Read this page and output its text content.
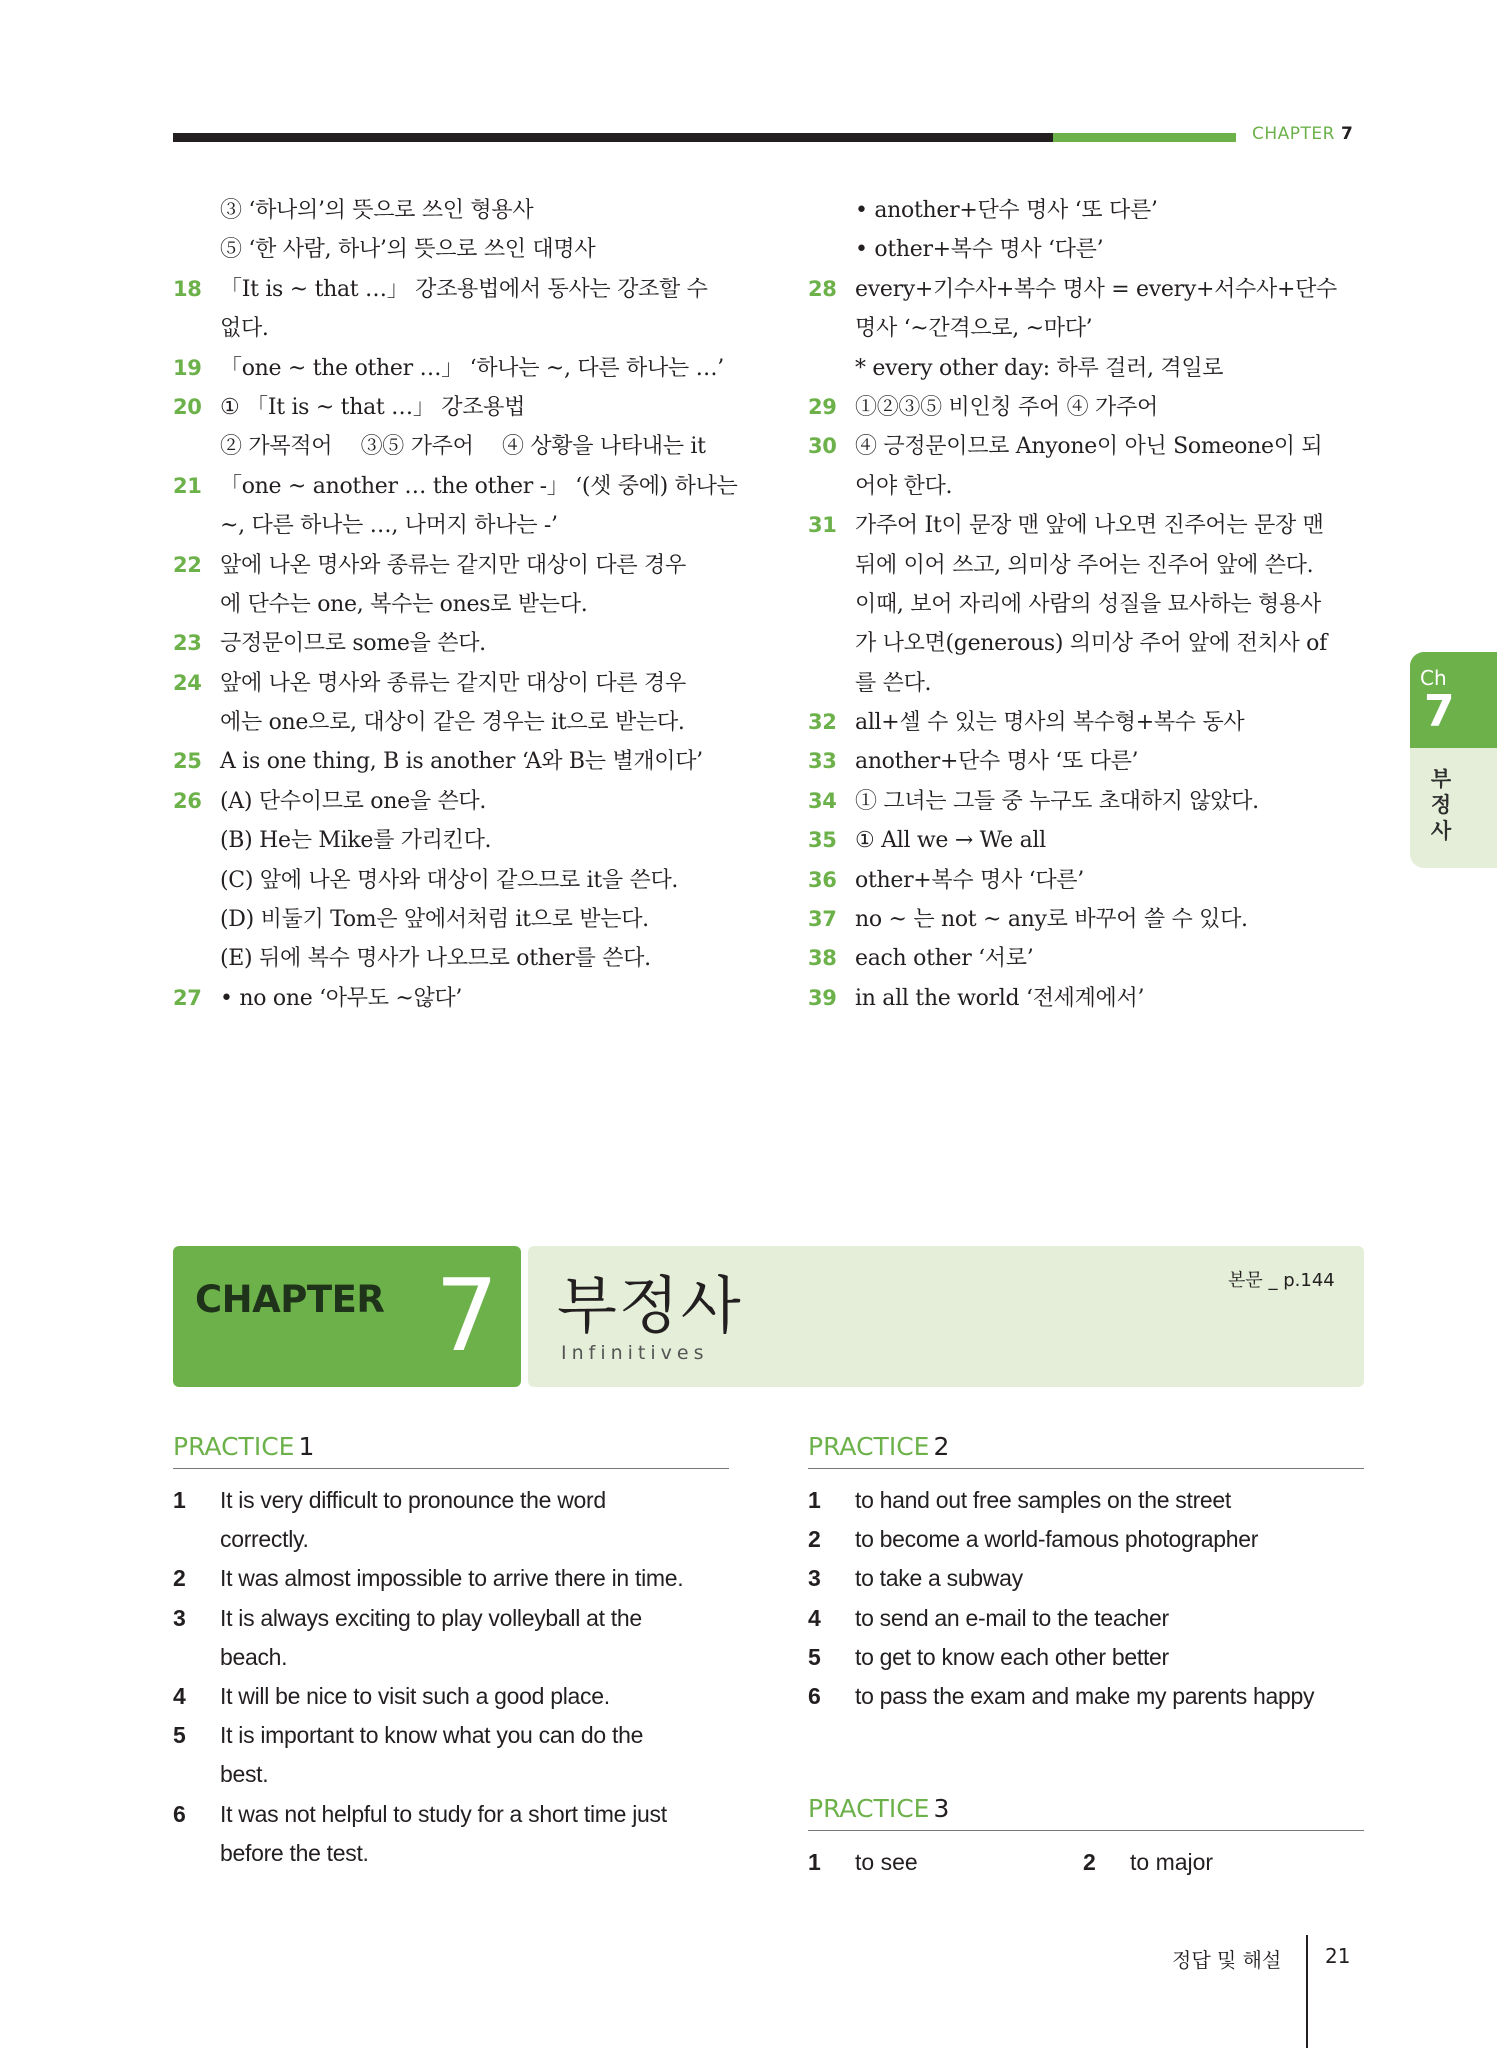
CHAPTER 7
③ ‘하나의’의 뜻으로 쓰인 형용사
⑤ ‘한 사람, 하나’의 뜻으로 쓰인 대명사
18 「It is ~ that …」 강조용법에서 동사는 강조할 수
없다.
19 「one ~ the other …」 ‘하나는 ~, 다른 하나는 …’
20 ① 「It is ~ that …」 강조용법
② 가목적어 　③⑤ 가주어 　④ 상황을 나타내는 it
21 「one ~ another … the other -」 ‘(셋 중에) 하나는
~, 다른 하나는 …, 나머지 하나는 -’
22 앞에 나온 명사와 종류는 같지만 대상이 다른 경우
에 단수는 one, 복수는 ones로 받는다.
23 긍정문이므로 some을 쓴다.
24 앞에 나온 명사와 종류는 같지만 대상이 다른 경우
에는 one으로, 대상이 같은 경우는 it으로 받는다.
25 A is one thing, B is another ‘A와 B는 별개이다’
26 (A) 단수이므로 one을 쓴다.
(B) He는 Mike를 가리킨다.
(C) 앞에 나온 명사와 대상이 같으므로 it을 쓴다.
(D) 비둘기 Tom은 앞에서처럼 it으로 받는다.
(E) 뒤에 복수 명사가 나오므로 other를 쓴다.
27 • no one ‘아무도 ~않다’
• another+단수 명사 ‘또 다른’
• other+복수 명사 ‘다른’
28 every+기수사+복수 명사 = every+서수사+단수
명사 ‘~간격으로, ~마다’
* every other day: 하루 걸러, 격일로
29 ①②③⑤ 비인칭 주어 ④ 가주어
30 ④ 긍정문이므로 Anyone이 아닌 Someone이 되
어야 한다.
31 가주어 It이 문장 맨 앞에 나오면 진주어는 문장 맨
뒤에 이어 쓰고, 의미상 주어는 진주어 앞에 쓴다.
이때, 보어 자리에 사람의 성질을 묘사하는 형용사
가 나오면(generous) 의미상 주어 앞에 전치사 of
를 쓴다.
32 all+셀 수 있는 명사의 복수형+복수 동사
33 another+단수 명사 ‘또 다른’
34 ① 그녀는 그들 중 누구도 초대하지 않았다.
35 ① All we → We all
36 other+복수 명사 ‘다른’
37 no ~ 는 not ~ any로 바꾸어 쓸 수 있다.
38 each other ‘서로’
39 in all the world ‘전세계에서’
Ch
7
부
정
사
CHAPTER 7 부정사
Infinitives
본문 _ p.144
PRACTICE 1
1 It is very difficult to pronounce the word
correctly.
2 It was almost impossible to arrive there in time.
3 It is always exciting to play volleyball at the
beach.
4 It will be nice to visit such a good place.
5 It is important to know what you can do the
best.
6 It was not helpful to study for a short time just
before the test.
PRACTICE 2
1 to hand out free samples on the street
2 to become a world-famous photographer
3 to take a subway
4 to send an e-mail to the teacher
5 to get to know each other better
6 to pass the exam and make my parents happy
PRACTICE 3
1 to see	2 to major
정답 및 해설 21
